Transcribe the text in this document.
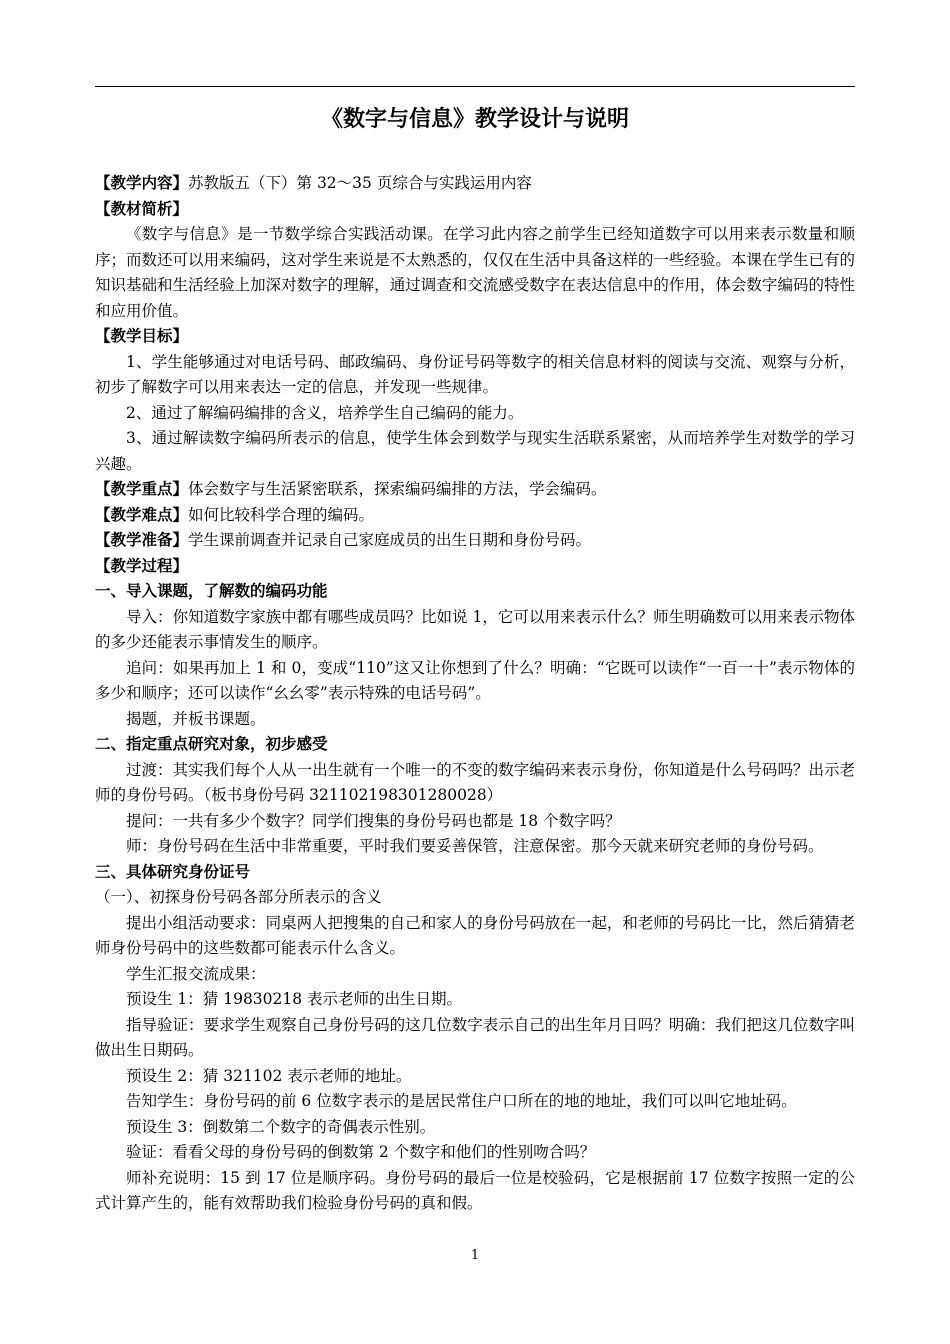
《数字与信息》教学设计与说明

【教学内容】苏教版五（下）第 32～35 页综合与实践运用内容

【教材简析】

《数字与信息》是一节数学综合实践活动课。在学习此内容之前学生已经知道数字可以用来表示数量和顺序；而数还可以用来编码，这对学生来说是不太熟悉的，仅仅在生活中具备这样的一些经验。本课在学生已有的知识基础和生活经验上加深对数字的理解，通过调查和交流感受数字在表达信息中的作用，体会数字编码的特性和应用价值。

【教学目标】

1、学生能够通过对电话号码、邮政编码、身份证号码等数字的相关信息材料的阅读与交流、观察与分析，初步了解数字可以用来表达一定的信息，并发现一些规律。

2、通过了解编码编排的含义，培养学生自己编码的能力。

3、通过解读数字编码所表示的信息，使学生体会到数学与现实生活联系紧密，从而培养学生对数学的学习兴趣。

【教学重点】体会数字与生活紧密联系，探索编码编排的方法，学会编码。

【教学难点】如何比较科学合理的编码。

【教学准备】学生课前调查并记录自己家庭成员的出生日期和身份号码。

【教学过程】

一、导入课题，了解数的编码功能

导入：你知道数字家族中都有哪些成员吗？比如说 1，它可以用来表示什么？师生明确数可以用来表示物体的多少还能表示事情发生的顺序。

追问：如果再加上 1 和 0，变成“110”这又让你想到了什么？明确：“它既可以读作“一百一十”表示物体的多少和顺序；还可以读作“幺幺零”表示特殊的电话号码”。

揭题，并板书课题。

二、指定重点研究对象，初步感受

过渡：其实我们每个人从一出生就有一个唯一的不变的数字编码来表示身份，你知道是什么号码吗？出示老师的身份号码。（板书身份号码 321102198301280028）

提问：一共有多少个数字？同学们搜集的身份号码也都是 18 个数字吗？

师：身份号码在生活中非常重要，平时我们要妥善保管，注意保密。那今天就来研究老师的身份号码。

三、具体研究身份证号

（一）、初探身份号码各部分所表示的含义

提出小组活动要求：同桌两人把搜集的自己和家人的身份号码放在一起，和老师的号码比一比，然后猜猜老师身份号码中的这些数都可能表示什么含义。

学生汇报交流成果：

预设生 1：猜 19830218 表示老师的出生日期。

指导验证：要求学生观察自己身份号码的这几位数字表示自己的出生年月日吗？明确：我们把这几位数字叫做出生日期码。

预设生 2：猜 321102 表示老师的地址。

告知学生：身份号码的前 6 位数字表示的是居民常住户口所在的地的地址，我们可以叫它地址码。

预设生 3：倒数第二个数字的奇偶表示性别。

验证：看看父母的身份号码的倒数第 2 个数字和他们的性别吻合吗？

师补充说明：15 到 17 位是顺序码。身份号码的最后一位是校验码，它是根据前 17 位数字按照一定的公式计算产生的，能有效帮助我们检验身份号码的真和假。

1
